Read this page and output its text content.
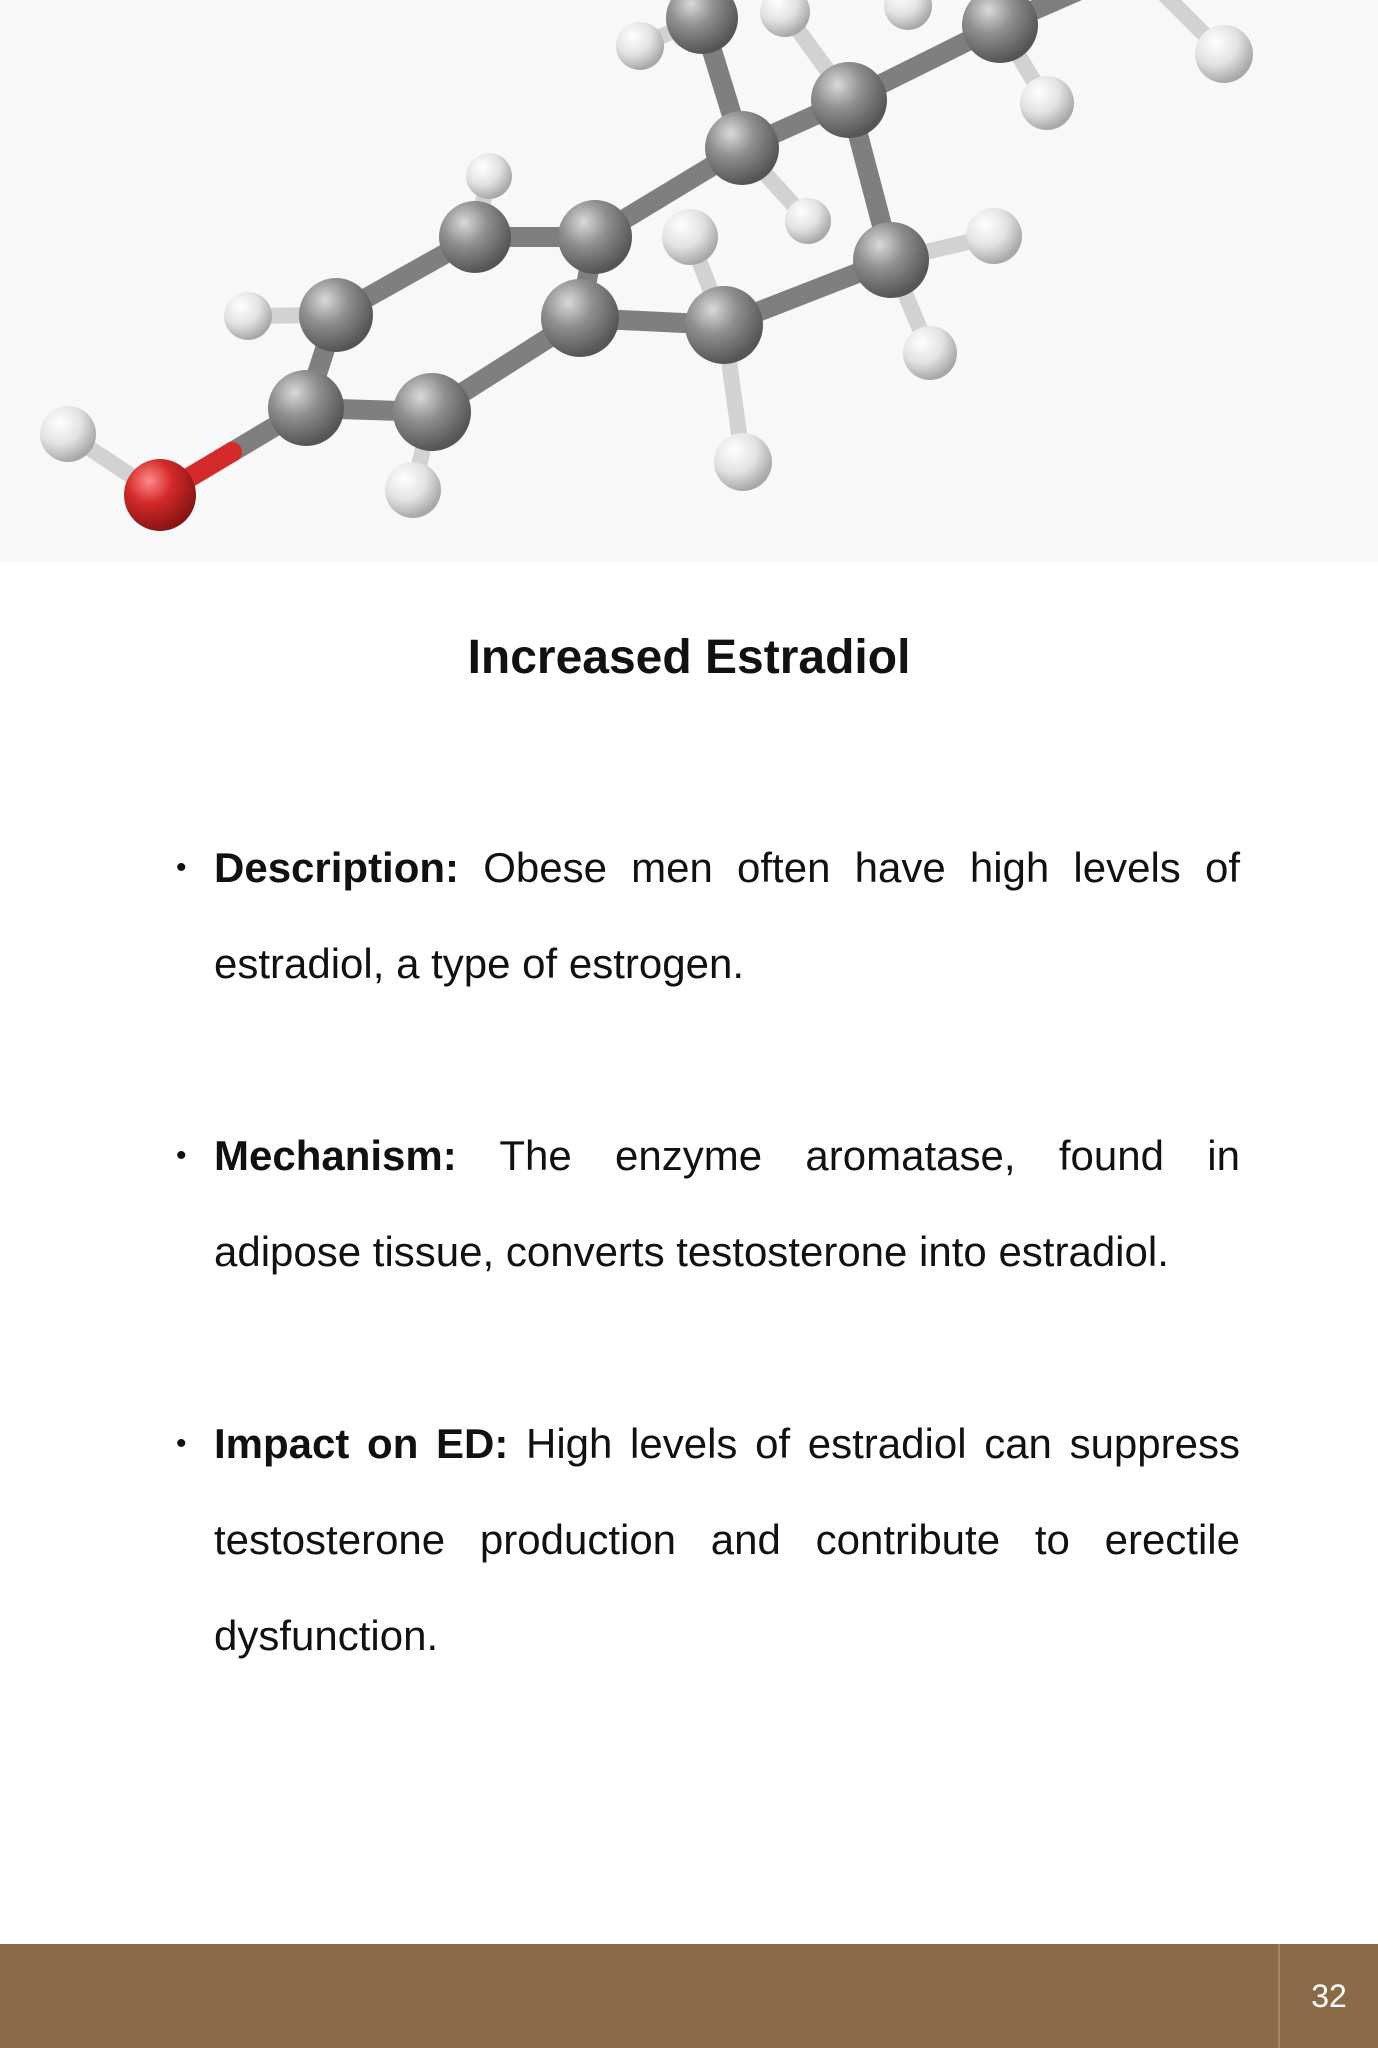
Increased Estradiol

• Description: Obese men often have high levels of estradiol, a type of estrogen.

• Mechanism: The enzyme aromatase, found in adipose tissue, converts testosterone into estradiol.

• Impact on ED: High levels of estradiol can suppress testosterone production and contribute to erectile dysfunction.

32
